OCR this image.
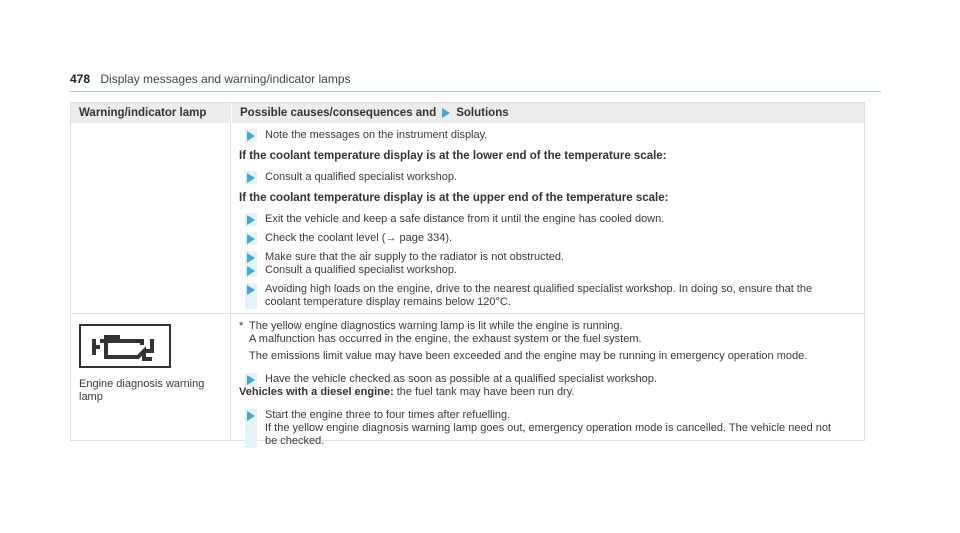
478 Display messages and warning/indicator lamps
Warning/indicator lamp	Possible causes/consequences and Solutions
Note the messages on the instrument display.
If the coolant temperature display is at the lower end of the temperature scale:
Consult a qualified specialist workshop.
If the coolant temperature display is at the upper end of the temperature scale:
Exit the vehicle and keep a safe distance from it until the engine has cooled down.
Check the coolant level (→ page 334).
Make sure that the air supply to the radiator is not obstructed.

Consult a qualified specialist workshop.
Avoiding high loads on the engine, drive to the nearest qualified specialist workshop. In doing so, ensure that the
coolant temperature display remains below 120°C.
Engine diagnosis warning
lamp
* The yellow engine diagnostics warning lamp is lit while the engine is running.
A malfunction has occurred in the engine, the exhaust system or the fuel system.
The emissions limit value may have been exceeded and the engine may be running in emergency operation mode.
Have the vehicle checked as soon as possible at a qualified specialist workshop.
Vehicles with a diesel engine: the fuel tank may have been run dry.
Start the engine three to four times after refuelling.
If the yellow engine diagnosis warning lamp goes out, emergency operation mode is cancelled. The vehicle need not
be checked.
